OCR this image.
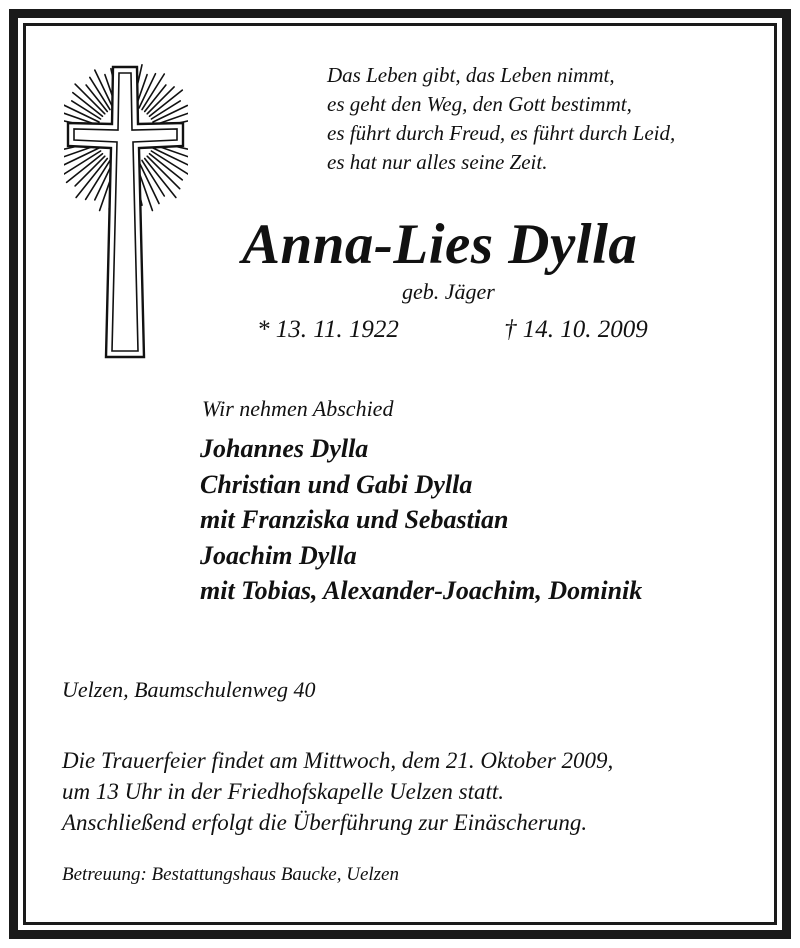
Das Leben gibt, das Leben nimmt,
es geht den Weg, den Gott bestimmt,
es führt durch Freud, es führt durch Leid,
es hat nur alles seine Zeit.
Anna-Lies Dylla
geb. Jäger
* 13. 11. 1922	† 14. 10. 2009
Wir nehmen Abschied
Johannes Dylla
Christian und Gabi Dylla
mit Franziska und Sebastian
Joachim Dylla
mit Tobias, Alexander-Joachim, Dominik
Uelzen, Baumschulenweg 40
Die Trauerfeier findet am Mittwoch, dem 21. Oktober 2009,
um 13 Uhr in der Friedhofskapelle Uelzen statt.
Anschließend erfolgt die Überführung zur Einäscherung.
Betreuung: Bestattungshaus Baucke, Uelzen
